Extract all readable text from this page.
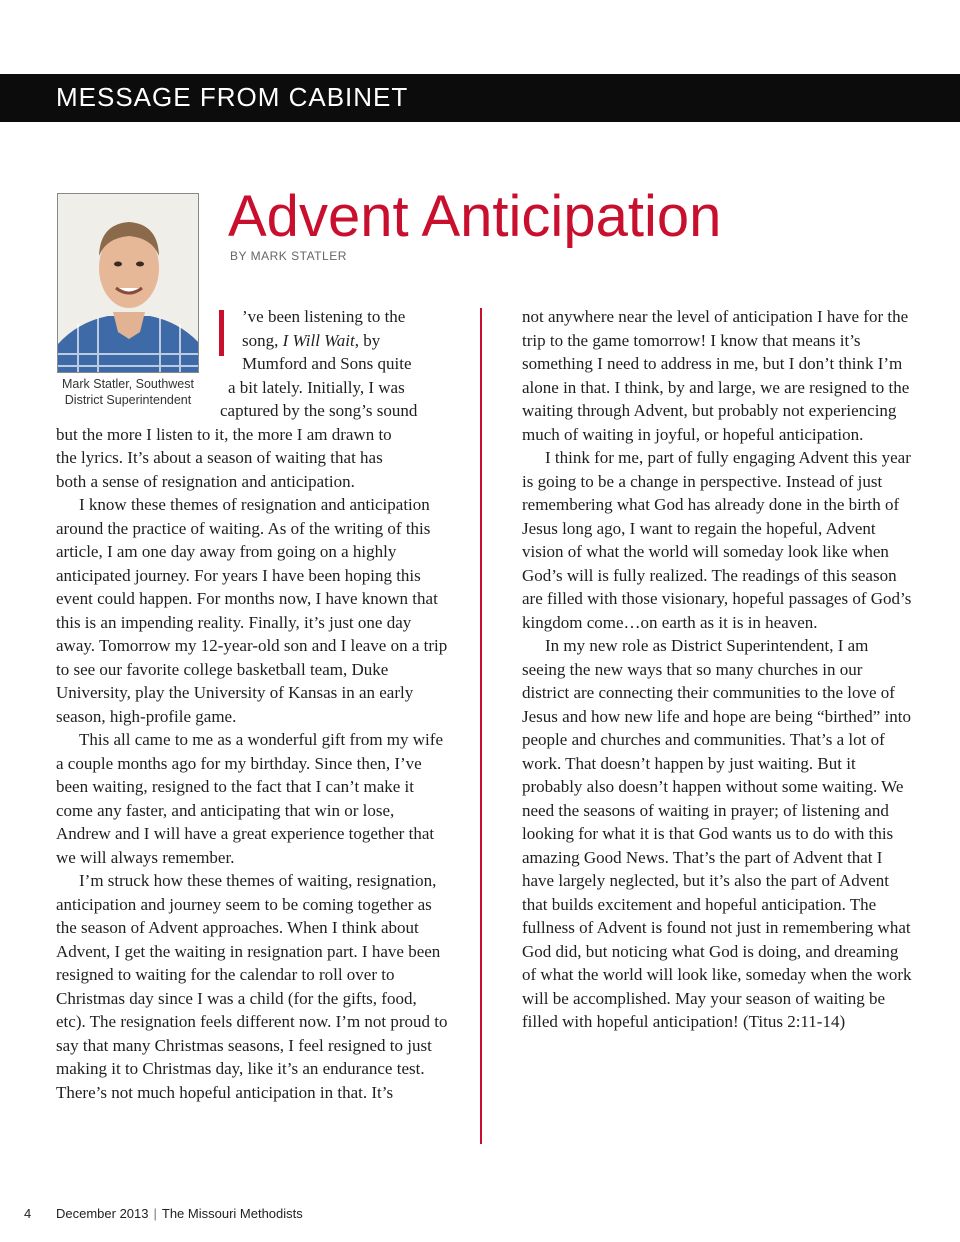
MESSAGE FROM CABINET
Mark Statler, Southwest
District Superintendent
Advent Anticipation
BY MARK STATLER

’ve been listening to the
song, I Will Wait, by
Mumford and Sons quite
a bit lately. Initially, I was
captured by the song’s sound
but the more I listen to it, the more I am drawn to
the lyrics. It’s about a season of waiting that has
both a sense of resignation and anticipation.

I know these themes of resignation and anticipation around the practice of waiting. As of the writing of this article, I am one day away from going on a highly anticipated journey. For years I have been hoping this event could happen. For months now, I have known that this is an impending reality. Finally, it’s just one day away. Tomorrow my 12-year-old son and I leave on a trip to see our favorite college basketball team, Duke University, play the University of Kansas in an early season, high-profile game.

This all came to me as a wonderful gift from my wife a couple months ago for my birthday. Since then, I’ve been waiting, resigned to the fact that I can’t make it come any faster, and anticipating that win or lose, Andrew and I will have a great experience together that we will always remember.

I’m struck how these themes of waiting, resignation, anticipation and journey seem to be coming together as the season of Advent approaches. When I think about Advent, I get the waiting in resignation part. I have been resigned to waiting for the calendar to roll over to Christmas day since I was a child (for the gifts, food, etc). The resignation feels different now. I’m not proud to say that many Christmas seasons, I feel resigned to just making it to Christmas day, like it’s an endurance test. There’s not much hopeful anticipation in that. It’s

not anywhere near the level of anticipation I have for the trip to the game tomorrow! I know that means it’s something I need to address in me, but I don’t think I’m alone in that. I think, by and large, we are resigned to the waiting through Advent, but probably not experiencing much of waiting in joyful, or hopeful anticipation.

I think for me, part of fully engaging Advent this year is going to be a change in perspective. Instead of just remembering what God has already done in the birth of Jesus long ago, I want to regain the hopeful, Advent vision of what the world will someday look like when God’s will is fully realized. The readings of this season are filled with those visionary, hopeful passages of God’s kingdom come…on earth as it is in heaven.

In my new role as District Superintendent, I am seeing the new ways that so many churches in our district are connecting their communities to the love of Jesus and how new life and hope are being “birthed” into people and churches and communities. That’s a lot of work. That doesn’t happen by just waiting. But it probably also doesn’t happen without some waiting. We need the seasons of waiting in prayer; of listening and looking for what it is that God wants us to do with this amazing Good News. That’s the part of Advent that I have largely neglected, but it’s also the part of Advent that builds excitement and hopeful anticipation. The fullness of Advent is found not just in remembering what God did, but noticing what God is doing, and dreaming of what the world will look like, someday when the work will be accomplished. May your season of waiting be filled with hopeful anticipation! (Titus 2:11-14)

4 December 2013 | The Missouri Methodists
